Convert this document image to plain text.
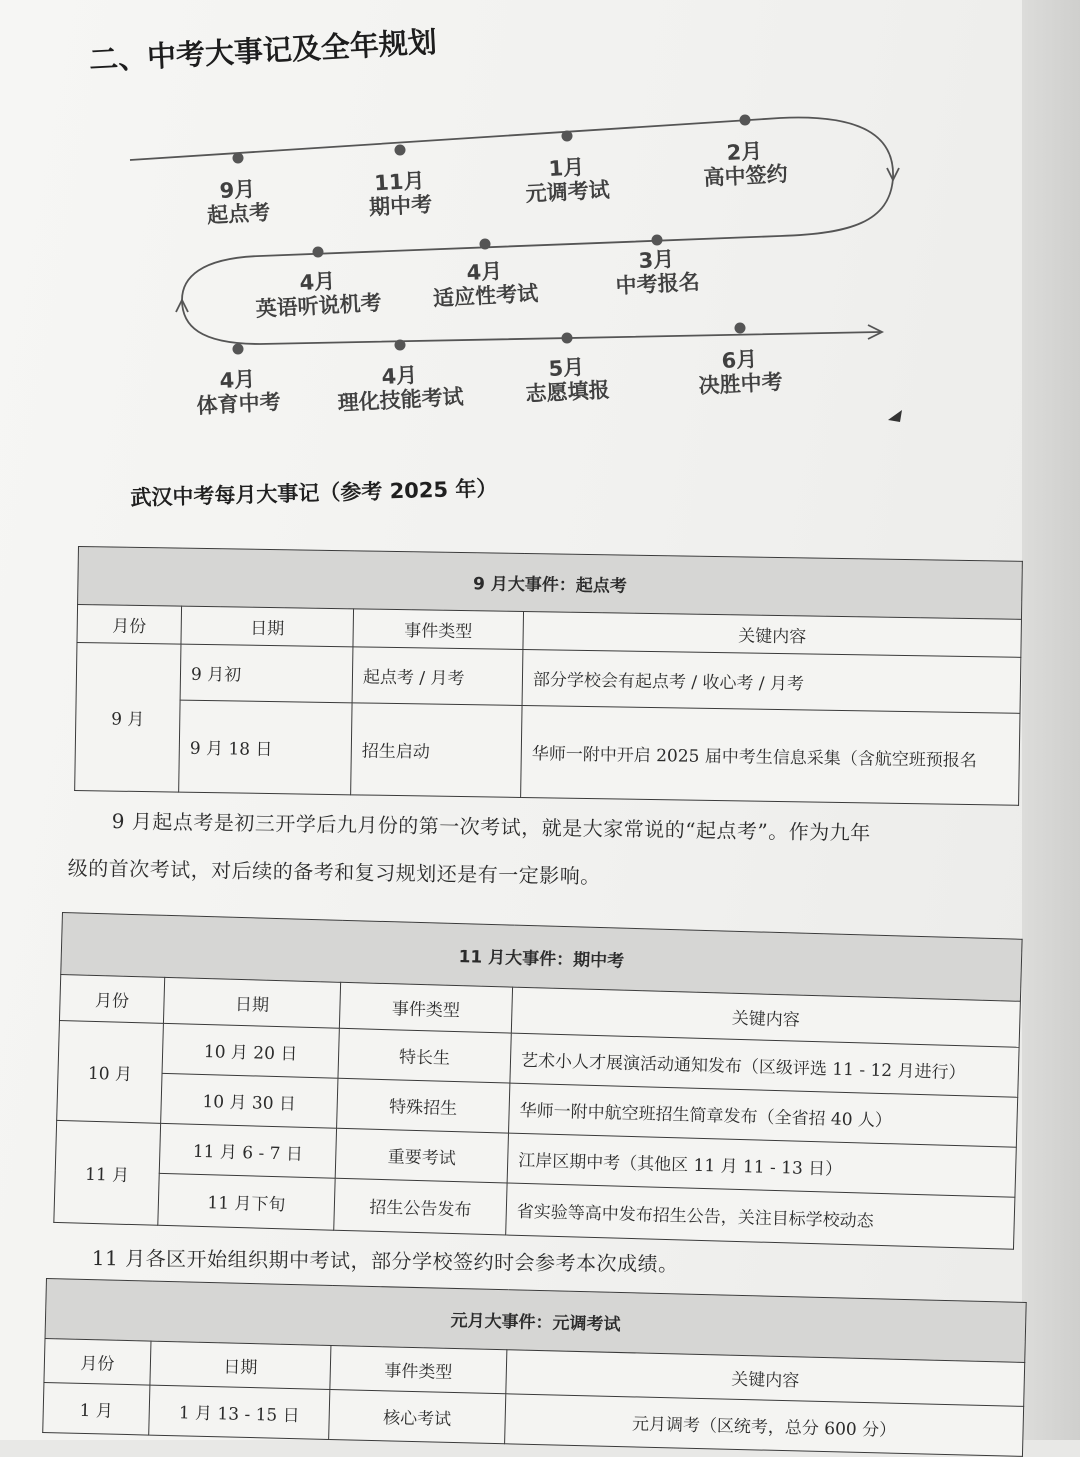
二、中考大事记及全年规划
9月
起点考
11月
期中考
1月
元调考试
2月
高中签约
3月
中考报名
4月
适应性考试
4月
英语听说机考
4月
体育中考
4月
理化技能考试
5月
志愿填报
6月
决胜中考
武汉中考每月大事记（参考 2025 年）
9 月大事件：起点考			
月份	日期	事件类型	关键内容
9 月	9 月初	起点考 / 月考	部分学校会有起点考 / 收心考 / 月考
	9 月 18 日	招生启动	华师一附中开启 2025 届中考生信息采集（含航空班预报名
9 月起点考是初三开学后九月份的第一次考试，就是大家常说的“起点考”。作为九年
级的首次考试，对后续的备考和复习规划还是有一定影响。
11 月大事件：期中考			
月份	日期	事件类型	关键内容
10 月	10 月 20 日	特长生	艺术小人才展演活动通知发布（区级评选 11 - 12 月进行）
	10 月 30 日	特殊招生	华师一附中航空班招生简章发布（全省招 40 人）
11 月	11 月 6 - 7 日	重要考试	江岸区期中考（其他区 11 月 11 - 13 日）
	11 月下旬	招生公告发布	省实验等高中发布招生公告，关注目标学校动态
11 月各区开始组织期中考试，部分学校签约时会参考本次成绩。
元月大事件：元调考试			
月份	日期	事件类型	关键内容
1 月	1 月 13 - 15 日	核心考试	元月调考（区统考，总分 600 分）
